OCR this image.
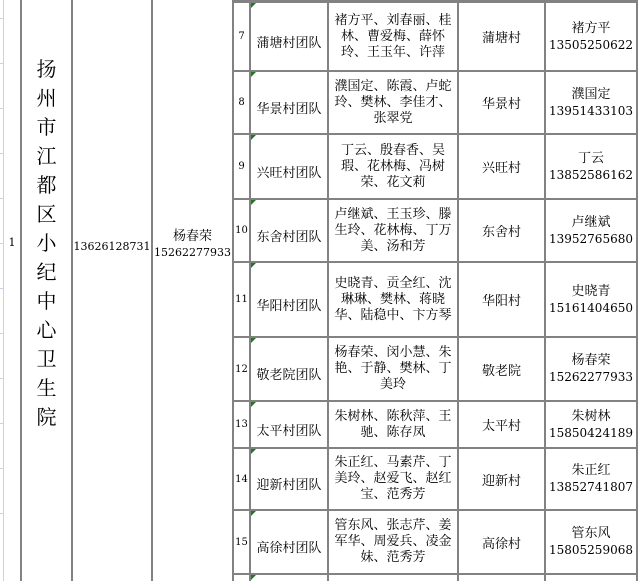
1
扬
州
市
江
都
区
小
纪
中
心
卫
生
院
13626128731
杨春荣
15262277933
7 蒲塘村团队
褚方平、刘春丽、桂林、曹爱梅、薛怀玲、王玉年、许萍
蒲塘村
褚方平
13505250622
8 华景村团队
濮国定、陈霞、卢蛇玲、樊林、李佳才、张翠党
华景村
濮国定
13951433103
9 兴旺村团队
丁云、殷春香、吴瑕、花林梅、冯树荣、花文莉
兴旺村
丁云
13852586162
10 东舍村团队
卢继斌、王玉珍、滕生玲、花林梅、丁万美、汤和芳
东舍村
卢继斌
13952765680
11 华阳村团队
史晓青、贡全红、沈琳琳、樊林、蒋晓华、陆稳中、卞方琴
华阳村
史晓青
15161404650
12 敬老院团队
杨春荣、闵小慧、朱艳、于静、樊林、丁美玲
敬老院
杨春荣
15262277933
13 太平村团队
朱树林、陈秋萍、王驰、陈存凤	太平村
朱树林
15850424189
14 迎新村团队
朱正红、马素芹、丁美玲、赵爱飞、赵红宝、范秀芳
迎新村
朱正红
13852741807
15 高徐村团队
管东风、张志芹、姜军华、周爱兵、凌金妹、范秀芳
高徐村
管东风
15805259068
